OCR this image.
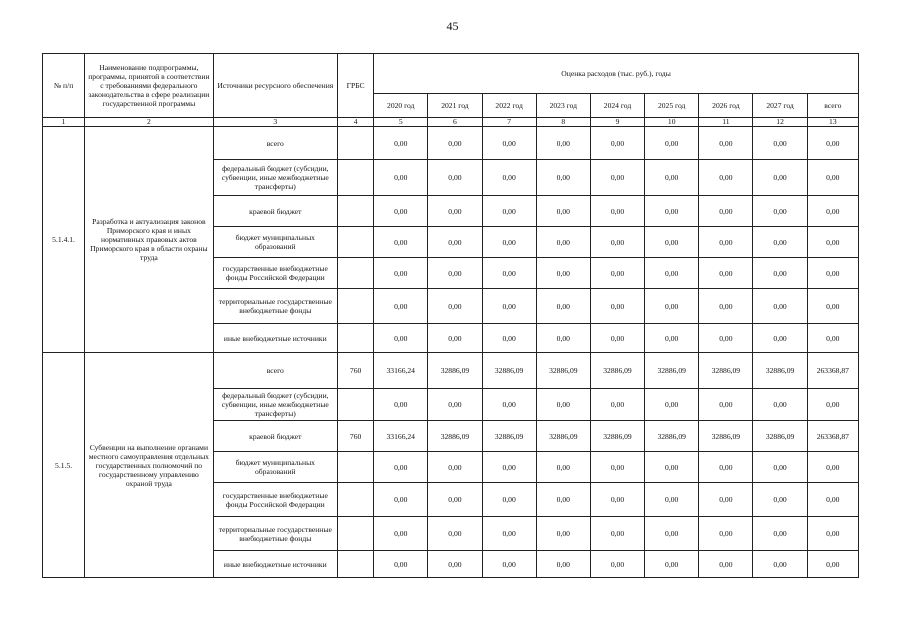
45
№ п/п	Наименование подпрограммы, программы, принятой в соответствии с требованиями федерального законодательства в сфере реализации государственной программы	Источники ресурсного обеспечения	ГРБС	Оценка расходов (тыс. руб.), годы								
				2020 год	2021 год	2022 год	2023 год	2024 год	2025 год	2026 год	2027 год	всего
1	2	3	4	5	6	7	8	9	10	11	12	13
5.1.4.1.	Разработка и актуализация законов Приморского края и иных нормативных правовых актов Приморского края в области охраны труда	всего		0,00	0,00	0,00	0,00	0,00	0,00	0,00	0,00	0,00
		федеральный бюджет (субсидии, субвенции, иные межбюджетные трансферты)		0,00	0,00	0,00	0,00	0,00	0,00	0,00	0,00	0,00
		краевой бюджет		0,00	0,00	0,00	0,00	0,00	0,00	0,00	0,00	0,00
		бюджет муниципальных образований		0,00	0,00	0,00	0,00	0,00	0,00	0,00	0,00	0,00
		государственные внебюджетные фонды Российской Федерации		0,00	0,00	0,00	0,00	0,00	0,00	0,00	0,00	0,00
		территориальные государственные внебюджетные фонды		0,00	0,00	0,00	0,00	0,00	0,00	0,00	0,00	0,00
		иные внебюджетные источники		0,00	0,00	0,00	0,00	0,00	0,00	0,00	0,00	0,00
5.1.5.	Субвенции на выполнение органами местного самоуправления отдельных государственных полномочий по государственному управлению охраной труда	всего	760	33166,24	32886,09	32886,09	32886,09	32886,09	32886,09	32886,09	32886,09	263368,87
		федеральный бюджет (субсидии, субвенции, иные межбюджетные трансферты)		0,00	0,00	0,00	0,00	0,00	0,00	0,00	0,00	0,00
		краевой бюджет	760	33166,24	32886,09	32886,09	32886,09	32886,09	32886,09	32886,09	32886,09	263368,87
		бюджет муниципальных образований		0,00	0,00	0,00	0,00	0,00	0,00	0,00	0,00	0,00
		государственные внебюджетные фонды Российской Федерации		0,00	0,00	0,00	0,00	0,00	0,00	0,00	0,00	0,00
		территориальные государственные внебюджетные фонды		0,00	0,00	0,00	0,00	0,00	0,00	0,00	0,00	0,00
		иные внебюджетные источники		0,00	0,00	0,00	0,00	0,00	0,00	0,00	0,00	0,00
